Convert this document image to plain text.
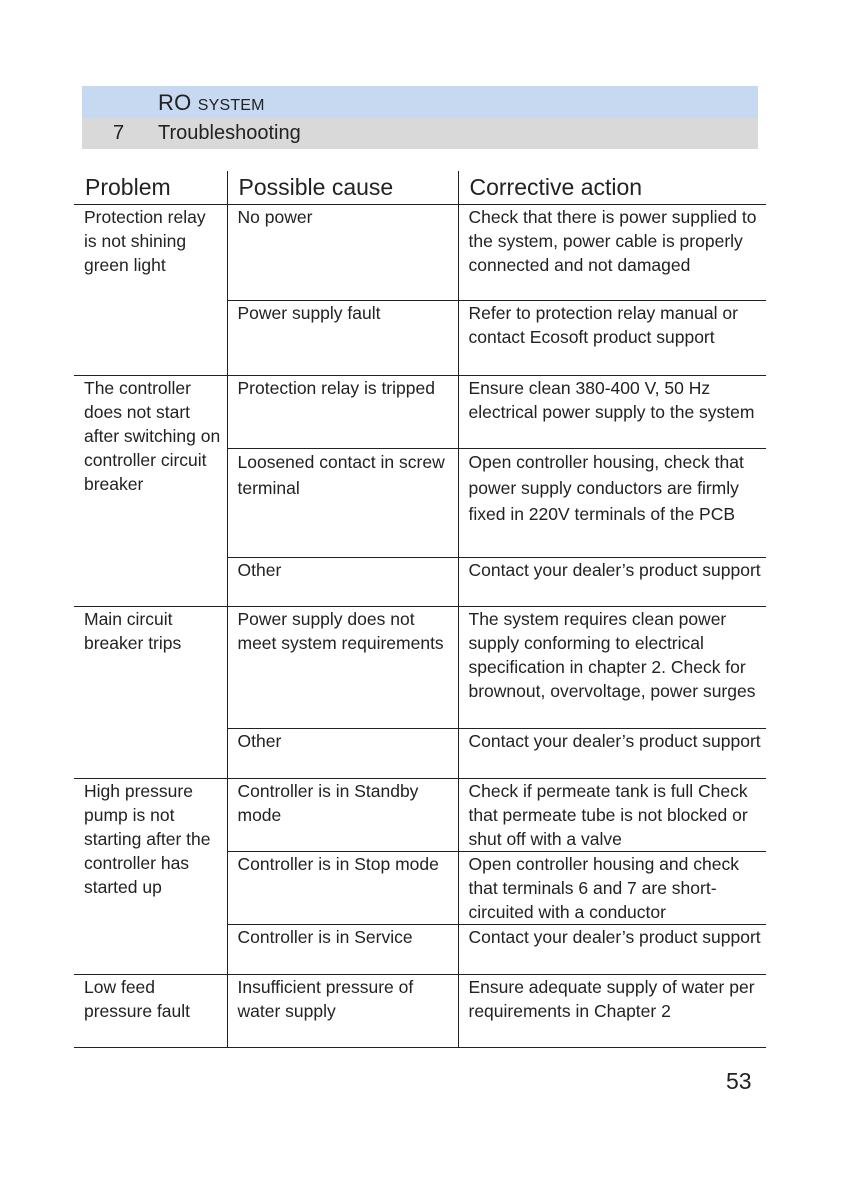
RO SYSTEM
7 Troubleshooting
Problem	Possible cause	Corrective action
Protection relay is not shining green light	No power	Check that there is power supplied to the system, power cable is properly connected and not damaged
	Power supply fault	Refer to protection relay manual or contact Ecosoft product support
The controller does not start after switching on controller circuit breaker	Protection relay is tripped	Ensure clean 380-400 V, 50 Hz electrical power supply to the system
	Loosened contact in screw terminal	Open controller housing, check that power supply conductors are firmly fixed in 220V terminals of the PCB
	Other	Contact your dealer’s product support
Main circuit breaker trips	Power supply does not meet system requirements	The system requires clean power supply conforming to electrical specification in chapter 2. Check for brownout, overvoltage, power surges
	Other	Contact your dealer’s product support
High pressure pump is not starting after the controller has started up	Controller is in Standby mode	Check if permeate tank is full Check that permeate tube is not blocked or shut off with a valve
	Controller is in Stop mode	Open controller housing and check that terminals 6 and 7 are short-circuited with a conductor
	Controller is in Service	Contact your dealer’s product support
Low feed pressure fault	Insufficient pressure of water supply	Ensure adequate supply of water per requirements in Chapter 2
53
